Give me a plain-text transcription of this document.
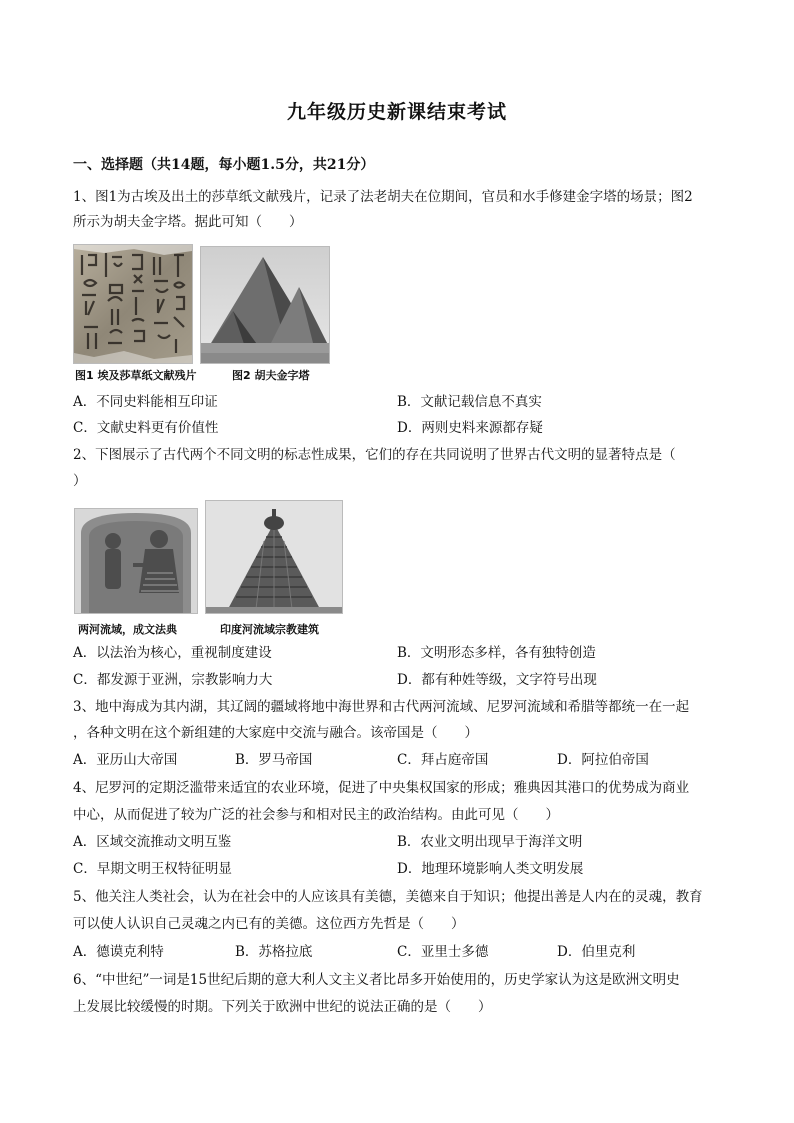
九年级历史新课结束考试
一、选择题（共14题，每小题1.5分，共21分）
1、图1为古埃及出土的莎草纸文献残片，记录了法老胡夫在位期间，官员和水手修建金字塔的场景；图2
所示为胡夫金字塔。据此可知（　　）
图1 埃及莎草纸文献残片	图2 胡夫金字塔
A．不同史料能相互印证	B．文献记载信息不真实
C．文献史料更有价值性	D．两则史料来源都存疑
2、下图展示了古代两个不同文明的标志性成果，它们的存在共同说明了世界古代文明的显著特点是（
）
两河流域，成文法典	印度河流域宗教建筑
A．以法治为核心，重视制度建设	B．文明形态多样，各有独特创造
C．都发源于亚洲，宗教影响力大	D．都有种姓等级，文字符号出现
3、地中海成为其内湖，其辽阔的疆域将地中海世界和古代两河流域、尼罗河流域和希腊等都统一在一起
，各种文明在这个新组建的大家庭中交流与融合。该帝国是（　　）
A．亚历山大帝国	B．罗马帝国	C．拜占庭帝国	D．阿拉伯帝国
4、尼罗河的定期泛滥带来适宜的农业环境，促进了中央集权国家的形成；雅典因其港口的优势成为商业
中心，从而促进了较为广泛的社会参与和相对民主的政治结构。由此可见（　　）
A．区域交流推动文明互鉴	B．农业文明出现早于海洋文明
C．早期文明王权特征明显	D．地理环境影响人类文明发展
5、他关注人类社会，认为在社会中的人应该具有美德，美德来自于知识；他提出善是人内在的灵魂，教育
可以使人认识自己灵魂之内已有的美德。这位西方先哲是（　　）
A．德谟克利特	B．苏格拉底	C．亚里士多德	D．伯里克利
6、“中世纪”一词是15世纪后期的意大利人文主义者比昂多开始使用的，历史学家认为这是欧洲文明史
上发展比较缓慢的时期。下列关于欧洲中世纪的说法正确的是（　　）
